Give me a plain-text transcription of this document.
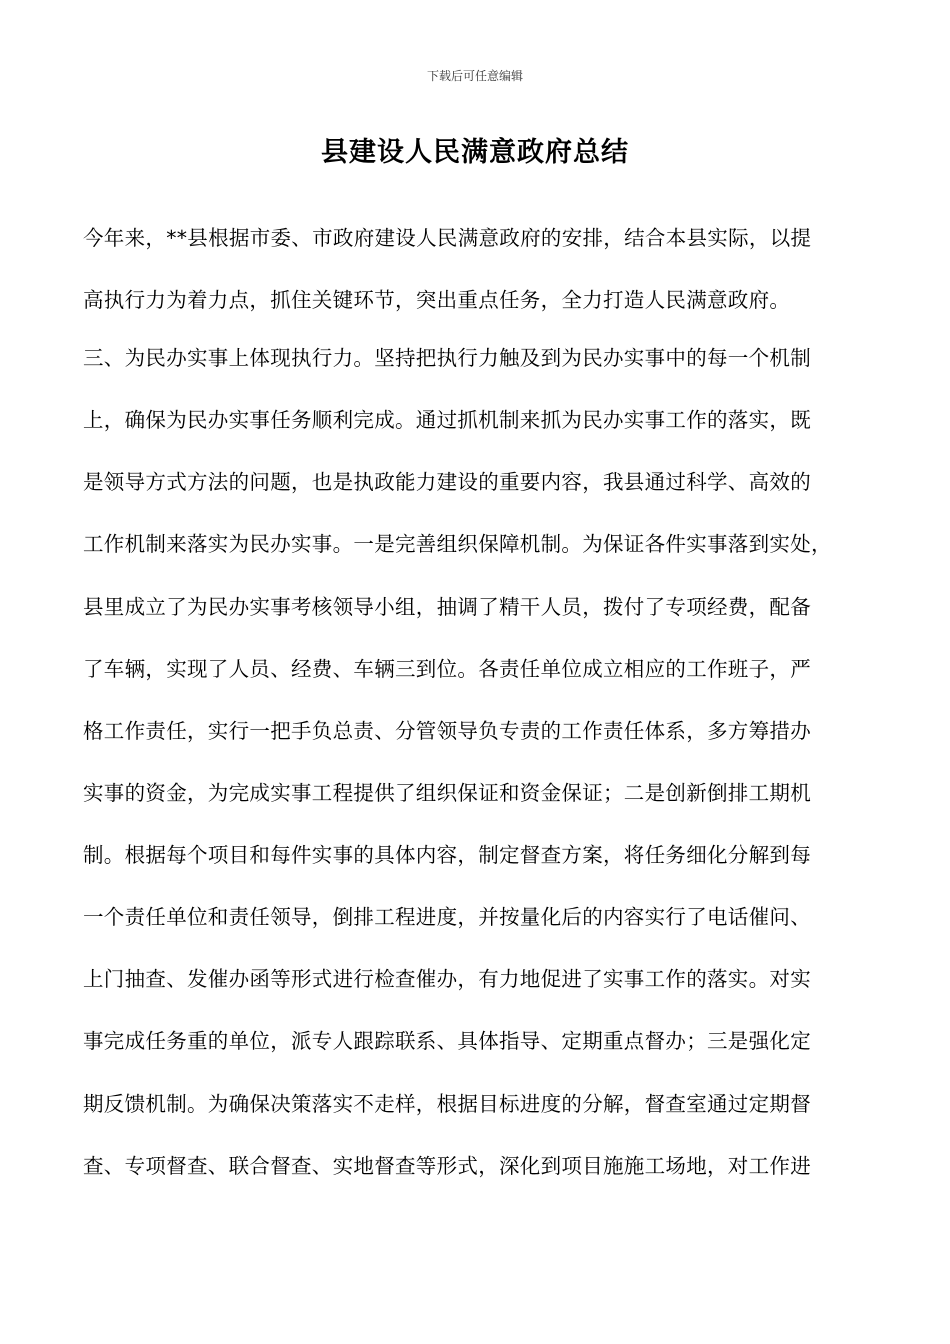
下载后可任意编辑
县建设人民满意政府总结
今年来，**县根据市委、市政府建设人民满意政府的安排，结合本县实际，以提
高执行力为着力点，抓住关键环节，突出重点任务，全力打造人民满意政府。
三、为民办实事上体现执行力。坚持把执行力触及到为民办实事中的每一个机制
上，确保为民办实事任务顺利完成。通过抓机制来抓为民办实事工作的落实，既
是领导方式方法的问题，也是执政能力建设的重要内容，我县通过科学、高效的
工作机制来落实为民办实事。一是完善组织保障机制。为保证各件实事落到实处，
县里成立了为民办实事考核领导小组，抽调了精干人员，拨付了专项经费，配备
了车辆，实现了人员、经费、车辆三到位。各责任单位成立相应的工作班子，严
格工作责任，实行一把手负总责、分管领导负专责的工作责任体系，多方筹措办
实事的资金，为完成实事工程提供了组织保证和资金保证；二是创新倒排工期机
制。根据每个项目和每件实事的具体内容，制定督查方案，将任务细化分解到每
一个责任单位和责任领导，倒排工程进度，并按量化后的内容实行了电话催问、
上门抽查、发催办函等形式进行检查催办，有力地促进了实事工作的落实。对实
事完成任务重的单位，派专人跟踪联系、具体指导、定期重点督办；三是强化定
期反馈机制。为确保决策落实不走样，根据目标进度的分解，督查室通过定期督
查、专项督查、联合督查、实地督查等形式，深化到项目施施工场地，对工作进
